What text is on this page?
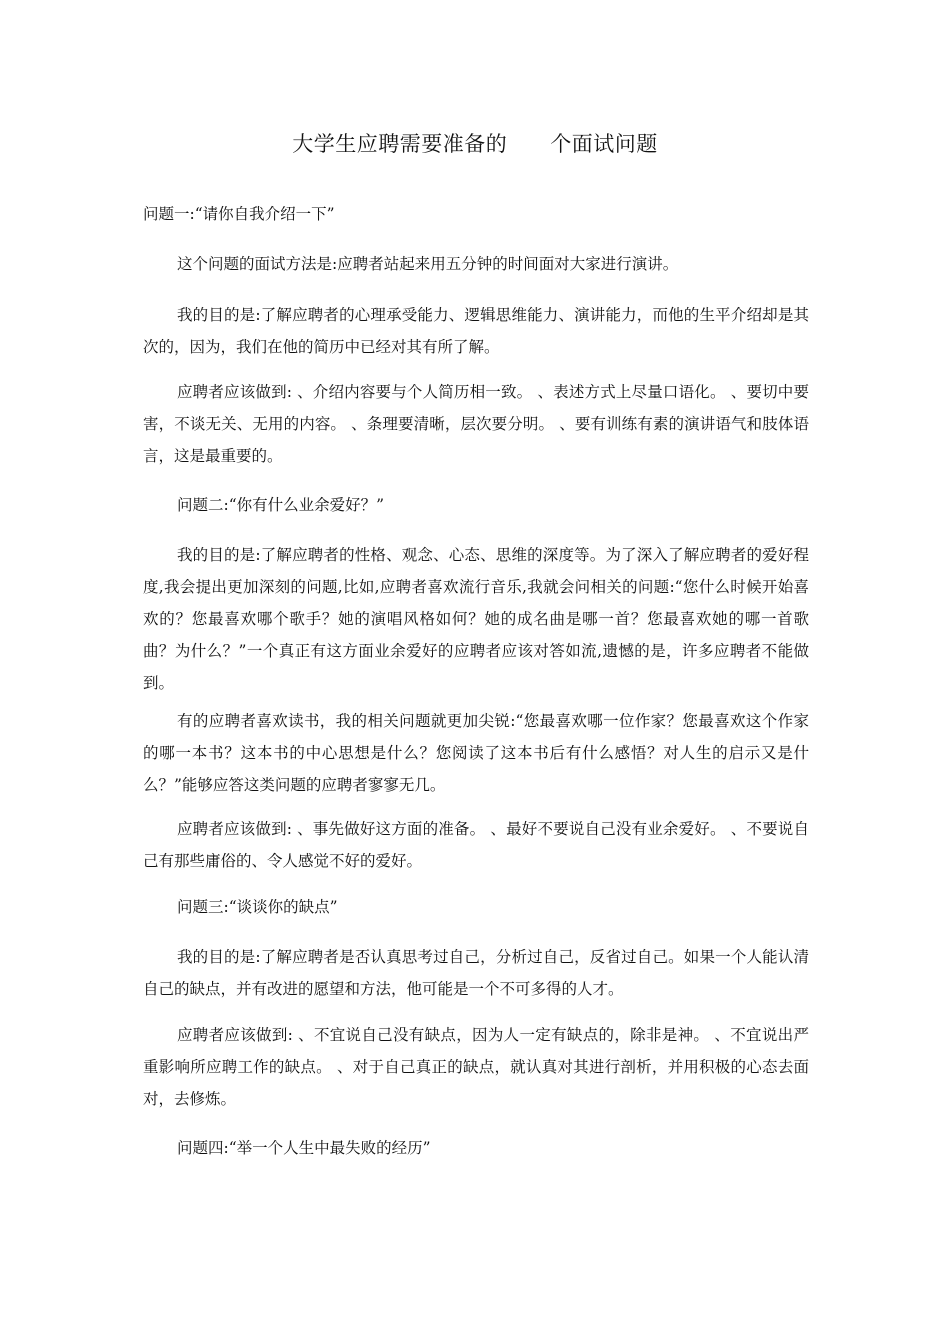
大学生应聘需要准备的      个面试问题

问题一:“请你自我介绍一下”

这个问题的面试方法是:应聘者站起来用五分钟的时间面对大家进行演讲。

我的目的是:了解应聘者的心理承受能力、逻辑思维能力、演讲能力，而他的生平介绍却是其次的，因为，我们在他的简历中已经对其有所了解。

应聘者应该做到: 、介绍内容要与个人简历相一致。 、表述方式上尽量口语化。 、要切中要害，不谈无关、无用的内容。 、条理要清晰，层次要分明。 、要有训练有素的演讲语气和肢体语言，这是最重要的。

问题二:“你有什么业余爱好？”

我的目的是:了解应聘者的性格、观念、心态、思维的深度等。为了深入了解应聘者的爱好程度,我会提出更加深刻的问题,比如,应聘者喜欢流行音乐,我就会问相关的问题:“您什么时候开始喜欢的？您最喜欢哪个歌手？她的演唱风格如何？她的成名曲是哪一首？您最喜欢她的哪一首歌曲？为什么？”一个真正有这方面业余爱好的应聘者应该对答如流,遗憾的是，许多应聘者不能做到。

有的应聘者喜欢读书，我的相关问题就更加尖锐:“您最喜欢哪一位作家？您最喜欢这个作家的哪一本书？这本书的中心思想是什么？您阅读了这本书后有什么感悟？对人生的启示又是什么？”能够应答这类问题的应聘者寥寥无几。

应聘者应该做到: 、事先做好这方面的准备。 、最好不要说自己没有业余爱好。 、不要说自己有那些庸俗的、令人感觉不好的爱好。

问题三:“谈谈你的缺点”

我的目的是:了解应聘者是否认真思考过自己，分析过自己，反省过自己。如果一个人能认清自己的缺点，并有改进的愿望和方法，他可能是一个不可多得的人才。

应聘者应该做到: 、不宜说自己没有缺点，因为人一定有缺点的，除非是神。 、不宜说出严重影响所应聘工作的缺点。 、对于自己真正的缺点，就认真对其进行剖析，并用积极的心态去面对，去修炼。

问题四:“举一个人生中最失败的经历”
